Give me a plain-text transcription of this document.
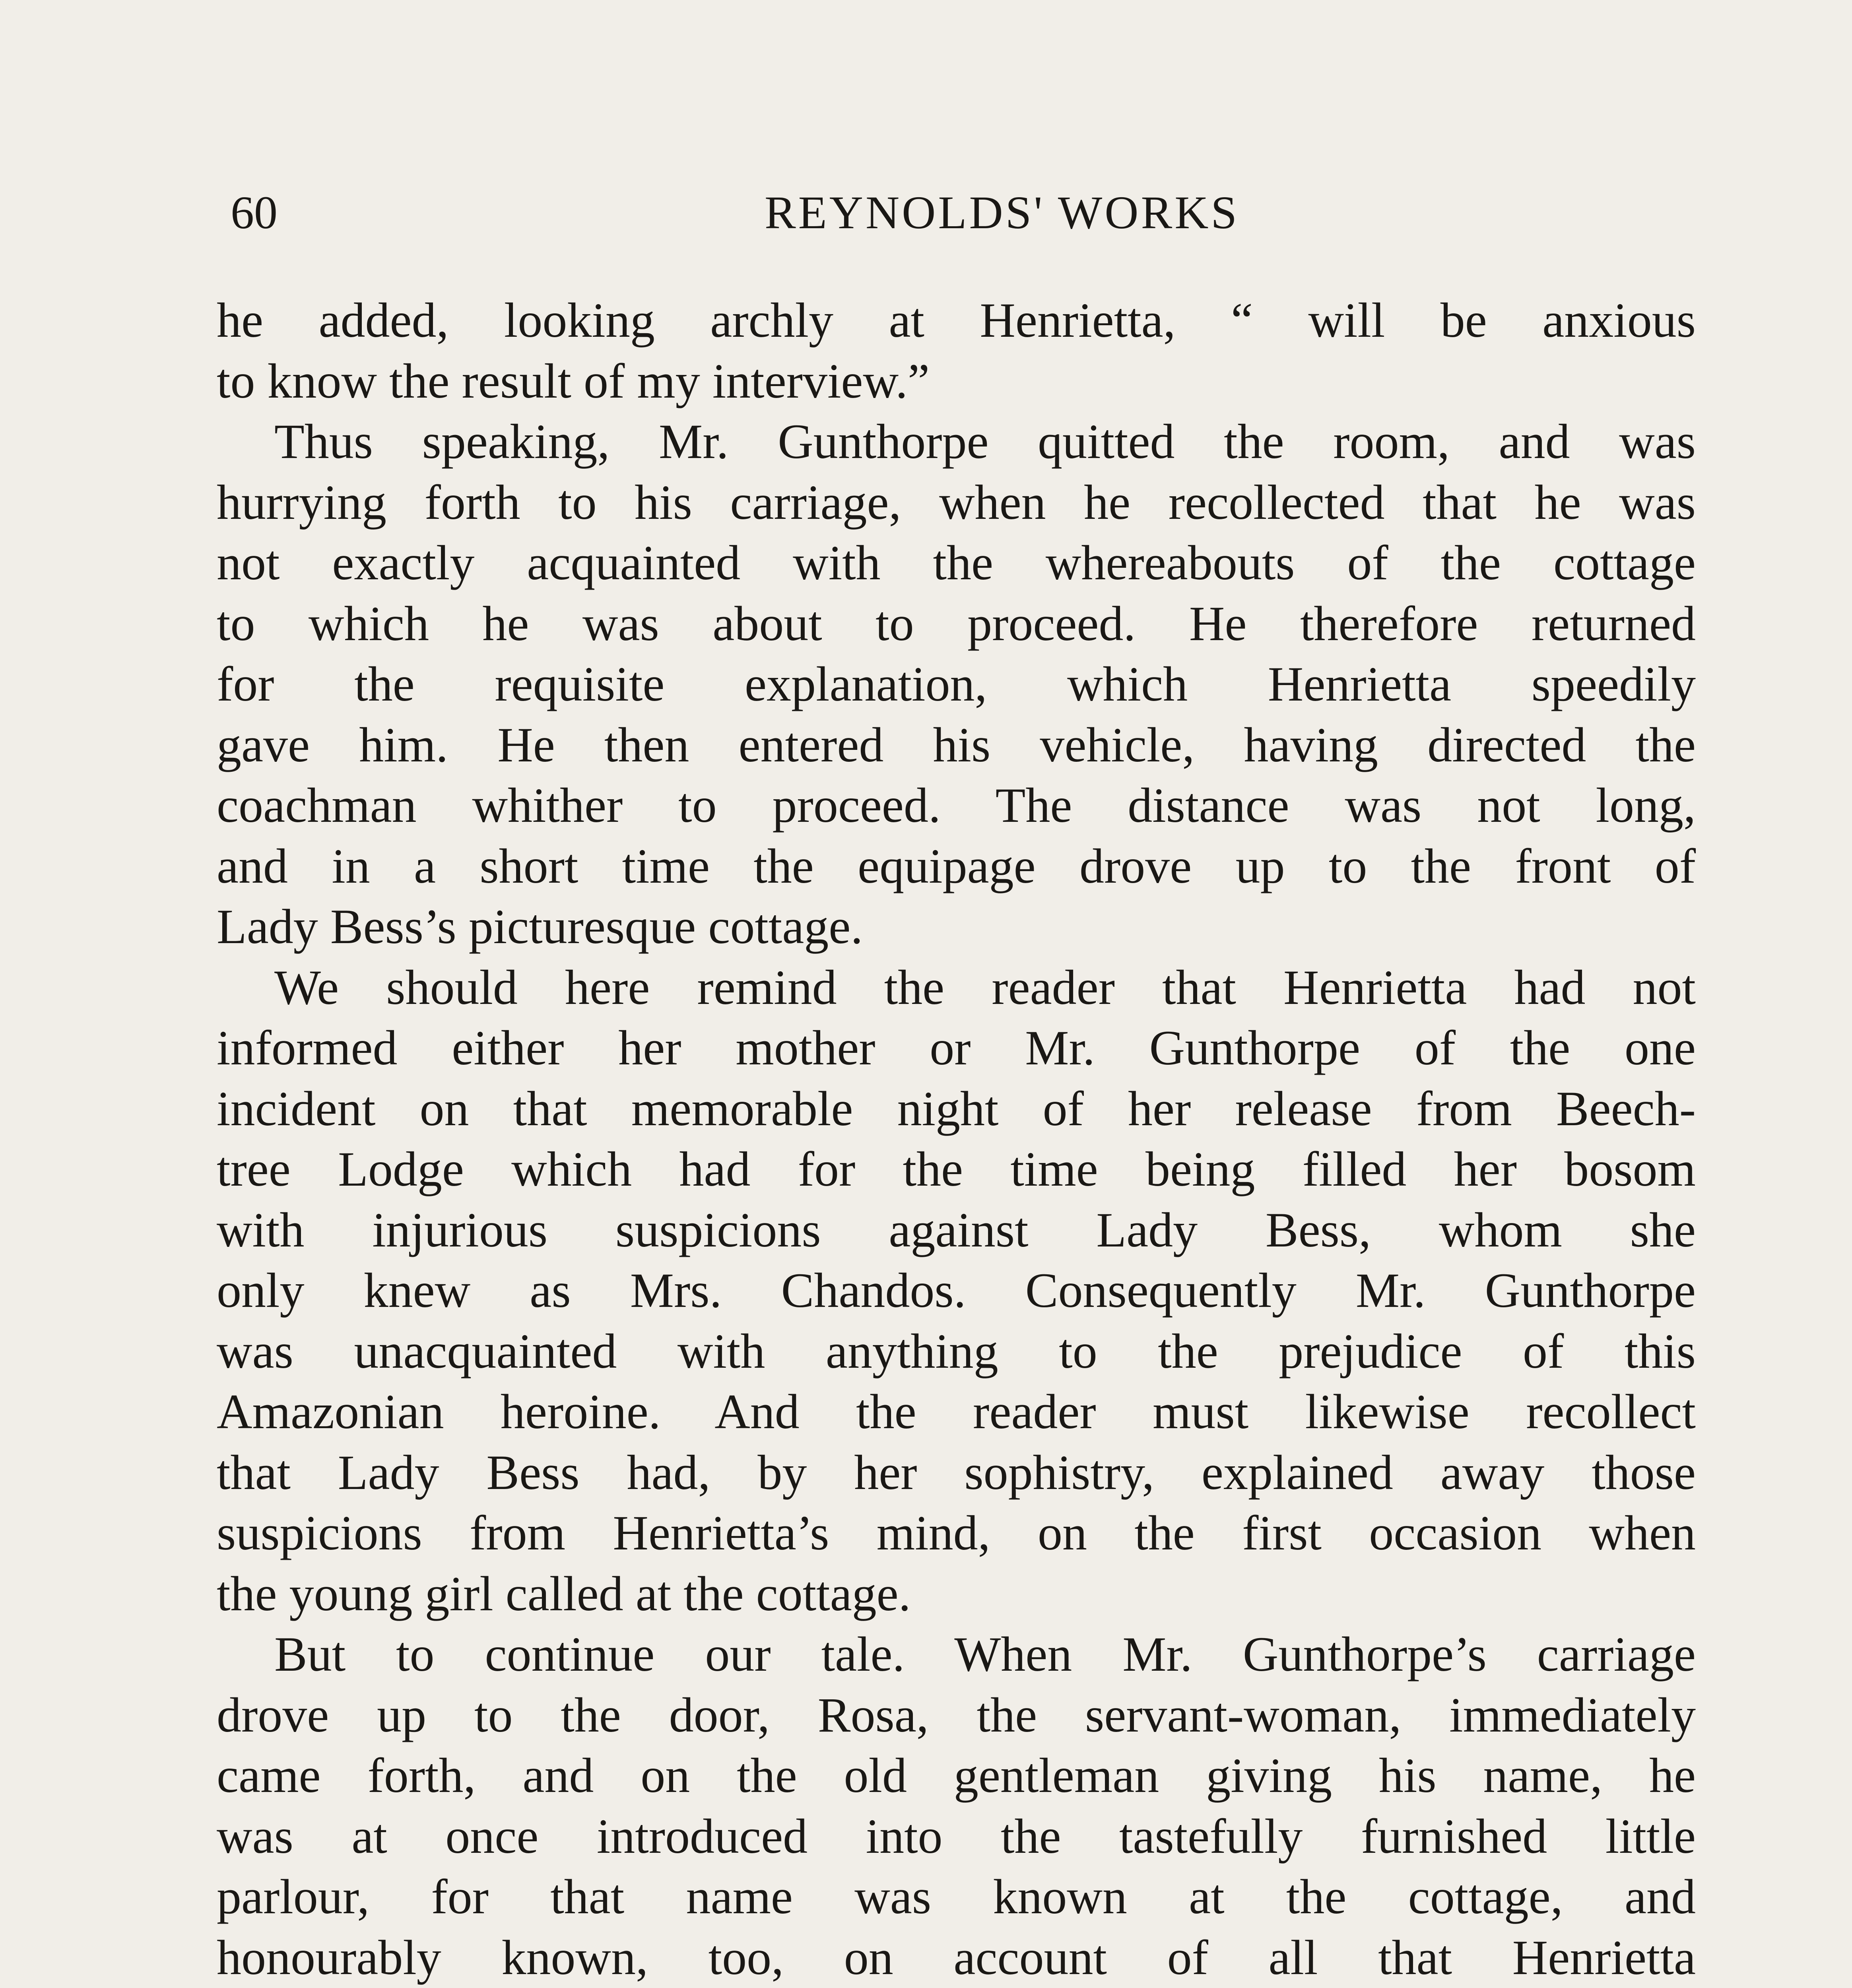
60	REYNOLDS' WORKS
he added, looking archly at Henrietta, “ will be anxious
to know the result of my interview.”
Thus speaking, Mr. Gunthorpe quitted the room, and was
hurrying forth to his carriage, when he recollected that he was
not exactly acquainted with the whereabouts of the cottage
to which he was about to proceed. He therefore returned
for the requisite explanation, which Henrietta speedily
gave him. He then entered his vehicle, having directed the
coachman whither to proceed. The distance was not long,
and in a short time the equipage drove up to the front of
Lady Bess’s picturesque cottage.
We should here remind the reader that Henrietta had not
informed either her mother or Mr. Gunthorpe of the one
incident on that memorable night of her release from Beech-
tree Lodge which had for the time being filled her bosom
with injurious suspicions against Lady Bess, whom she
only knew as Mrs. Chandos. Consequently Mr. Gunthorpe
was unacquainted with anything to the prejudice of this
Amazonian heroine. And the reader must likewise recollect
that Lady Bess had, by her sophistry, explained away those
suspicions from Henrietta’s mind, on the first occasion when
the young girl called at the cottage.
But to continue our tale. When Mr. Gunthorpe’s carriage
drove up to the door, Rosa, the servant-woman, immediately
came forth, and on the old gentleman giving his name, he
was at once introduced into the tastefully furnished little
parlour, for that name was known at the cottage, and
honourably known, too, on account of all that Henrietta
